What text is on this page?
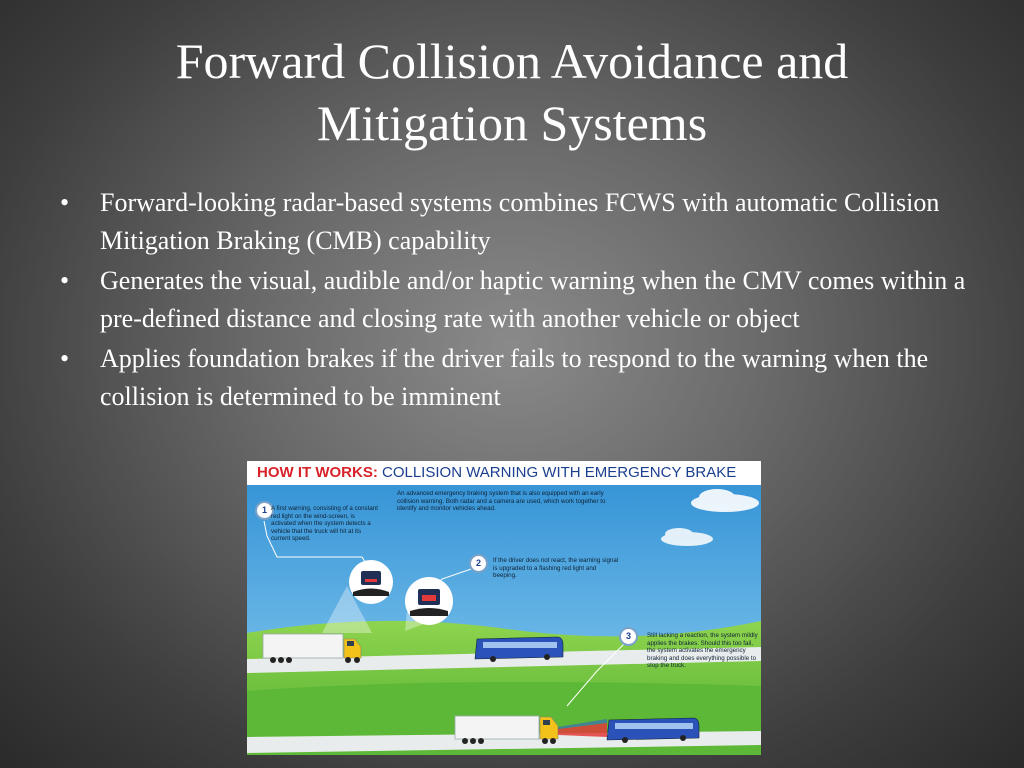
Forward Collision Avoidance and
Mitigation Systems
• Forward-looking radar-based systems combines FCWS with automatic Collision Mitigation Braking (CMB) capability
• Generates the visual, audible and/or haptic warning when the CMV comes within a pre-defined distance and closing rate with another vehicle or object
• Applies foundation brakes if the driver fails to respond to the warning when the collision is determined to be imminent
HOW IT WORKS: COLLISION WARNING WITH EMERGENCY BRAKE
An advanced emergency braking system that is also equipped with an early collision warning. Both radar and a camera are used, which work together to identify and monitor vehicles ahead.
1 A first warning, consisting of a constant red light on the wind-screen, is activated when the system detects a vehicle that the truck will hit at its current speed.
2	If the driver does not react, the warning signal is upgraded to a flashing red light and beeping.
3	Still lacking a reaction, the system mildly applies the brakes. Should this too fail, the system activates the emergency braking and does everything possible to stop the truck.
